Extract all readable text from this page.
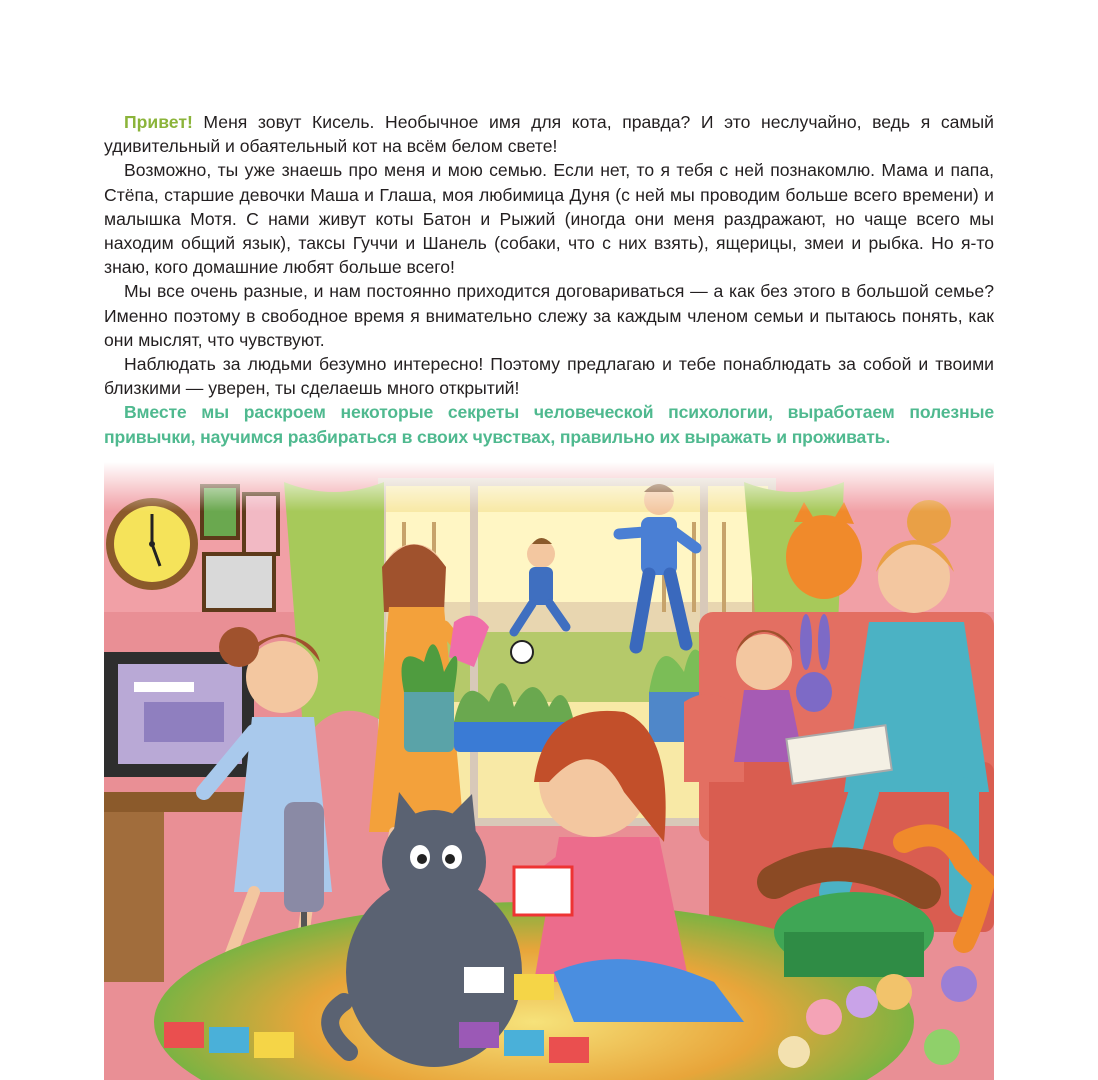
Привет! Меня зовут Кисель. Необычное имя для кота, правда? И это неслучайно, ведь я самый удивительный и обаятельный кот на всём белом свете!

Возможно, ты уже знаешь про меня и мою семью. Если нет, то я тебя с ней познакомлю. Мама и папа, Стёпа, старшие девочки Маша и Глаша, моя любимица Дуня (с ней мы проводим больше всего времени) и малышка Мотя. С нами живут коты Батон и Рыжий (иногда они меня раздражают, но чаще всего мы находим общий язык), таксы Гуччи и Шанель (собаки, что с них взять), ящерицы, змеи и рыбка. Но я-то знаю, кого домашние любят больше всего!

Мы все очень разные, и нам постоянно приходится договариваться — а как без этого в большой семье? Именно поэтому в свободное время я внимательно слежу за каждым членом семьи и пытаюсь понять, как они мыслят, что чувствуют.

Наблюдать за людьми безумно интересно! Поэтому предлагаю и тебе понаблюдать за собой и твоими близкими — уверен, ты сделаешь много открытий!

Вместе мы раскроем некоторые секреты человеческой психологии, выработаем полезные привычки, научимся разбираться в своих чувствах, правильно их выражать и проживать.
